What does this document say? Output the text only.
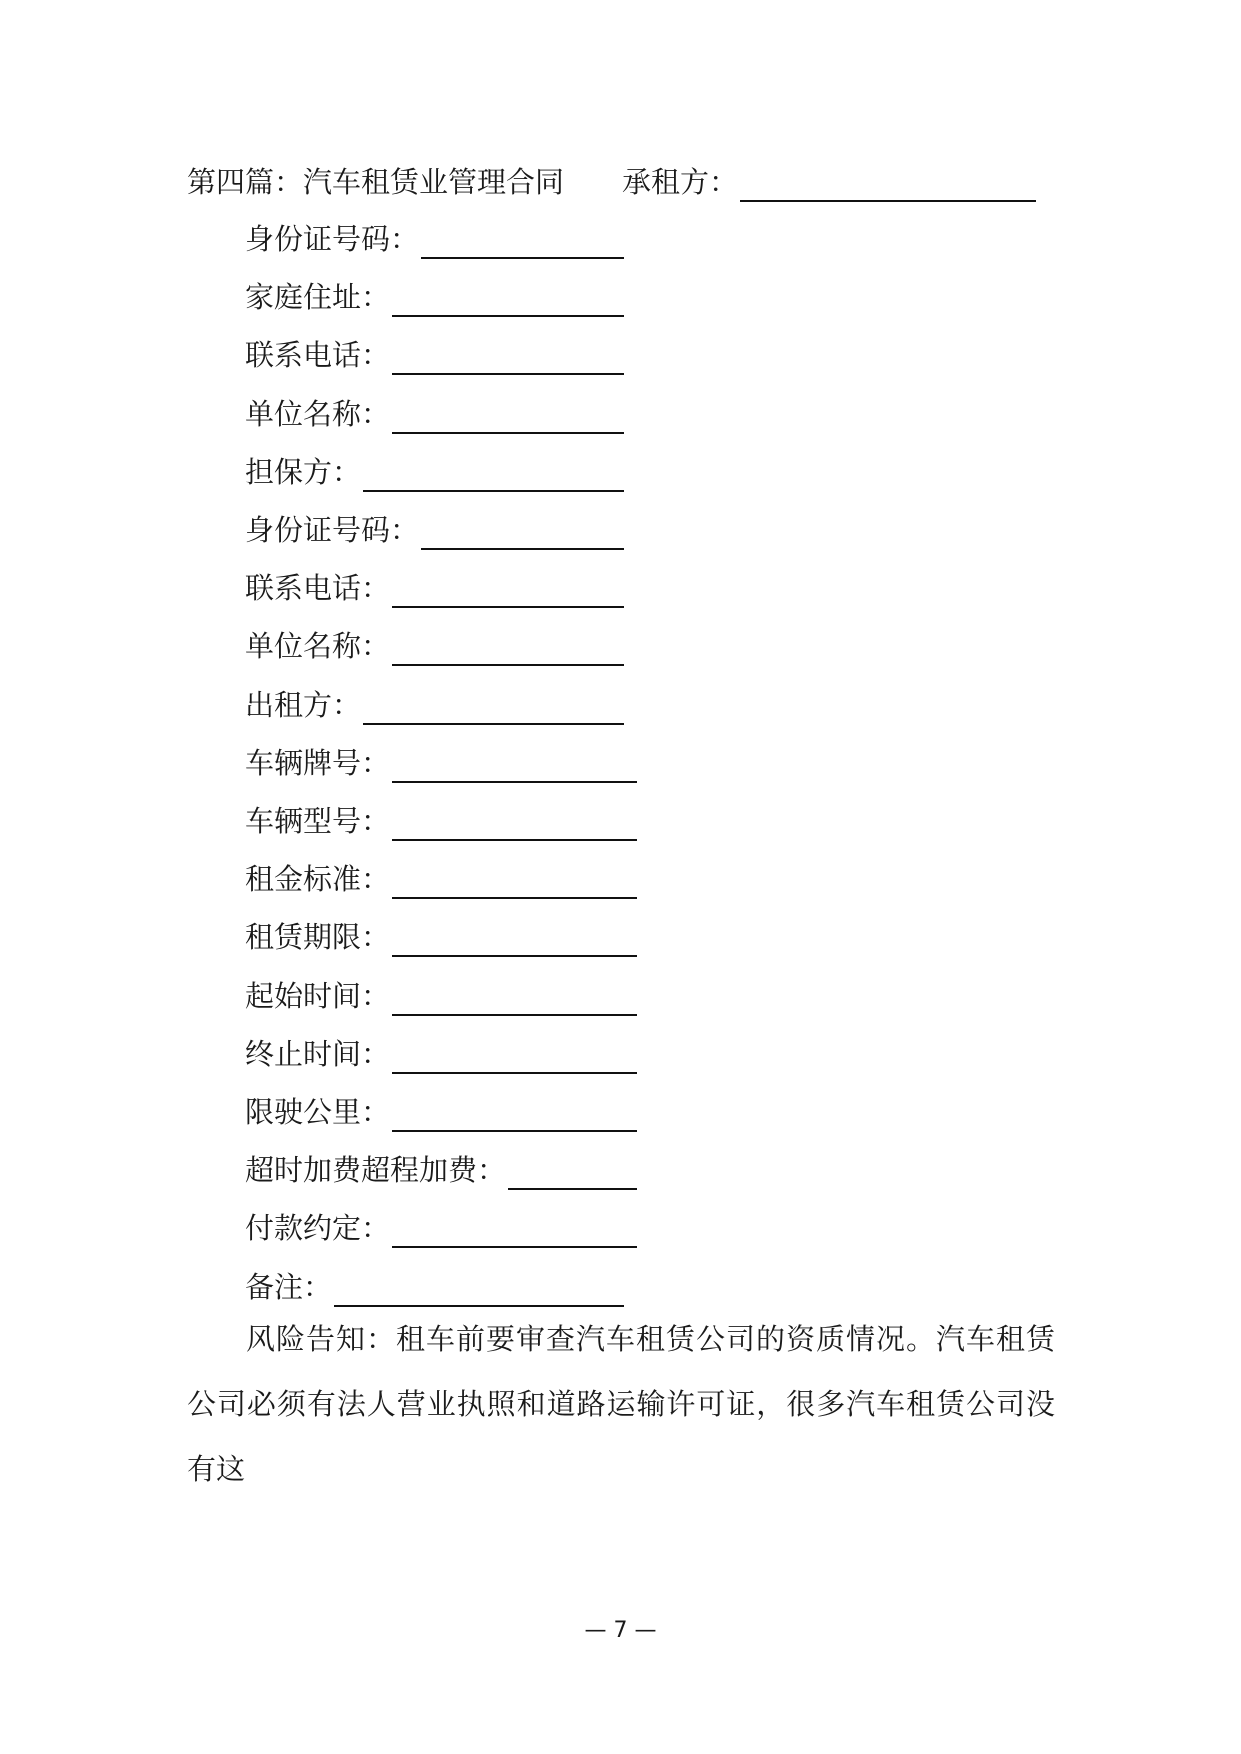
第四篇：汽车租赁业管理合同 承租方：
身份证号码：
家庭住址：
联系电话：
单位名称：
担保方：
身份证号码：
联系电话：
单位名称：
出租方：
车辆牌号：
车辆型号：
租金标准：
租赁期限：
起始时间：
终止时间：
限驶公里：
超时加费超程加费：
付款约定：
备注：
风险告知：租车前要审查汽车租赁公司的资质情况。汽车租赁公司必须有法人营业执照和道路运输许可证，很多汽车租赁公司没有这
— 7 —
